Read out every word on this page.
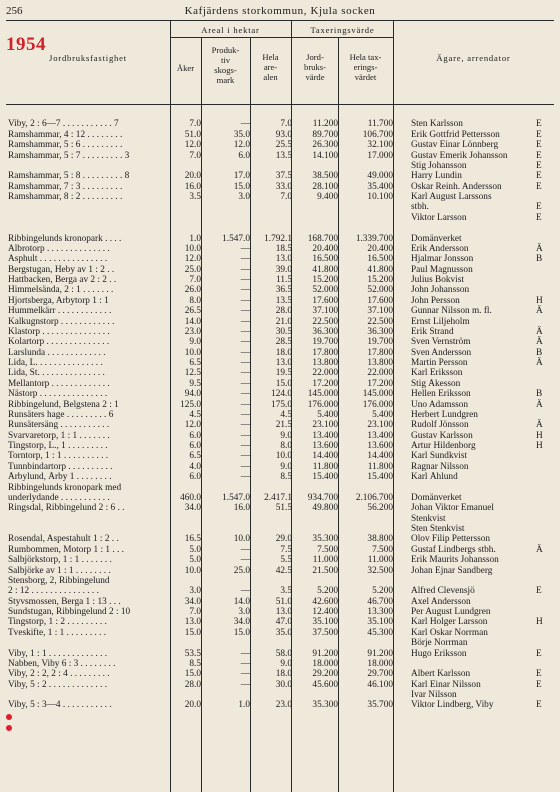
256	Kafjärdens storkommun, Kjula socken
1954
Jordbruksfastighet
Areal i hektar	Taxeringsvärde
Åker
Produk-
tiv
skogs-
mark
Hela
are-
alen
Jord-
bruks-
värde
Hela tax-
erings-
värdet
Ägare, arrendator
Viby, 2 : 6—7 . . . . . . . . . . . 7	7.0	—	7.0	11.200	11.700 Sten Karlsson	E
Ramshammar, 4 : 12 . . . . . . . .	51.0	35.0	93.0	89.700	106.700 Erik Gottfrid Pettersson	E
Ramshammar, 5 : 6 . . . . . . . . .	12.0	12.0	25.5	26.300	32.100 Gustav Einar Lönnberg	E
Ramshammar, 5 : 7 . . . . . . . . . 3	7.0	6.0	13.5	14.100	17.000 Gustav Emerik Johansson	E
Stig Johansson	E
Ramshammar, 5 : 8 . . . . . . . . . 8	20.0	17.0	37.5	38.500	49.000 Harry Lundin	E
Ramshammar, 7 : 3 . . . . . . . . .	16.0	15.0	33.0	28.100	35.400 Oskar Reinh. Andersson	E
Ramshammar, 8 : 2 . . . . . . . . .	3.5	3.0	7.0	9.400	10.100 Karl August Larssons
stbh.	E
Viktor Larsson	E
Ribbingelunds kronopark . . . .	1.0	1.547.0	1.792.1	168.700	1.339.700 Domänverket
Albrotorp . . . . . . . . . . . . . .	10.0	—	18.5	20.400	20.400 Erik Andersson	Ä
Asphult . . . . . . . . . . . . . . .	12.0	—	13.0	16.500	16.500 Hjalmar Jonsson	B
Bergstugan, Heby av 1 : 2 . .	25.0	—	39.0	41.800	41.800 Paul Magnusson
Hattbacken, Berga av 2 : 2 . .	7.0	—	11.5	15.200	15.200 Julius Bokvist
Himmelsända, 2 : 1 . . . . . . .	26.0	—	36.5	52.000	52.000 John Johansson
Hjortsberga, Arbytorp 1 : 1	8.0	—	13.5	17.600	17.600 John Persson	H
Hummelkärr . . . . . . . . . . . .	26.5	—	28.0	37.100	37.100 Gunnar Nilsson m. fl.	Ä
Kalkugnstorp . . . . . . . . . . . .	14.0	—	21.0	22.500	22.500 Ernst Liljeholm
Klastorp . . . . . . . . . . . . . . .	23.0	—	30.5	36.300	36.300 Erik Strand	Ä
Kolartorp . . . . . . . . . . . . . .	9.0	—	28.5	19.700	19.700 Sven Vernström	Ä
Larslunda . . . . . . . . . . . . .	10.0	—	18.0	17.800	17.800 Sven Andersson	B
Lida, L. . . . . . . . . . . . . . .	6.5	—	13.0	13.800	13.800 Martin Persson	Ä
Lida, St. . . . . . . . . . . . . . .	12.5	—	19.5	22.000	22.000 Karl Eriksson
Mellantorp . . . . . . . . . . . . .	9.5	—	15.0	17.200	17.200 Stig Åkesson
Nästorp . . . . . . . . . . . . . . .	94.0	—	124.0	145.000	145.000 Hellen Eriksson	B
Ribbingelund, Belgstena 2 : 1	125.0	—	175.0	176.000	176.000 Uno Adamsson	Ä
Runsäters hage . . . . . . . . . 6	4.5	—	4.5	5.400	5.400 Herbert Lundgren
Runsätersäng . . . . . . . . . . .	12.0	—	21.5	23.100	23.100 Rudolf Jönsson	Ä
Svarvaretorp, 1 : 1 . . . . . . .	6.0	—	9.0	13.400	13.400 Gustav Karlsson	H
Tingstorp, L., 1 . . . . . . . . .	6.0	—	8.0	13.600	13.600 Artur Hildenborg	H
Torntorp, 1 : 1 . . . . . . . . . .	6.5	—	10.0	14.400	14.400 Karl Sundkvist
Tunnbindartorp . . . . . . . . . .	4.0	—	9.0	11.800	11.800 Ragnar Nilsson
Årbylund, Årby 1 . . . . . . . .	6.0	—	8.5	15.400	15.400 Karl Åhlund
Ribbingelunds kronopark med
underlydande . . . . . . . . . . .	460.0	1.547.0	2.417.1	934.700	2.106.700 Domänverket
Ringsdal, Ribbingelund 2 : 6 . .	34.0	16.0	51.5	49.800	56.200 Johan Viktor Emanuel
Stenkvist
Sten Stenkvist
Rosendal, Aspestahult 1 : 2 . .	16.5	10.0	29.0	35.300	38.800 Olov Filip Pettersson
Rumbommen, Motorp 1 : 1 . . .	5.0	—	7.5	7.500	7.500 Gustaf Lindbergs stbh.	Ä
Salbjörkstorp, 1 : 1 . . . . . . .	5.0	—	5.5	11.000	11.000 Erik Maurits Johansson
Salbjörke av 1 : 1 . . . . . . . .	10.0	25.0	42.5	21.500	32.500 Johan Ejnar Sandberg
Stensborg, 2, Ribbingelund
2 : 12 . . . . . . . . . . . . . . .	3.0	—	3.5	5.200	5.200 Alfred Clevensjö	E
Styvsmossen, Berga 1 : 13 . . .	34.0	14.0	51.0	42.600	46.700 Axel Andersson
Sundstugan, Ribbingelund 2 : 10	7.0	3.0	13.0	12.400	13.300 Per August Lundgren
Tingstorp, 1 : 2 . . . . . . . . .	13.0	34.0	47.0	35.100	35.100 Karl Holger Larsson	H
Tveskifte, 1 : 1 . . . . . . . . .	15.0	15.0	35.0	37.500	45.300 Karl Oskar Norrman
Börje Norrman
Viby, 1 : 1 . . . . . . . . . . . . .	53.5	—	58.0	91.200	91.200 Hugo Eriksson	E
Nabben, Viby 6 : 3 . . . . . . . .	8.5	—	9.0	18.000	18.000
Viby, 2 : 2, 2 : 4 . . . . . . . . .	15.0	—	18.0	29.200	29.700 Albert Karlsson	E
Viby, 5 : 2 . . . . . . . . . . . . .	28.0	—	30.0	45.600	46.100 Karl Einar Nilsson	E
Ivar Nilsson
Viby, 5 : 3—4 . . . . . . . . . . .	20.0	1.0	23.0	35.300	35.700 Viktor Lindberg, Viby	E
